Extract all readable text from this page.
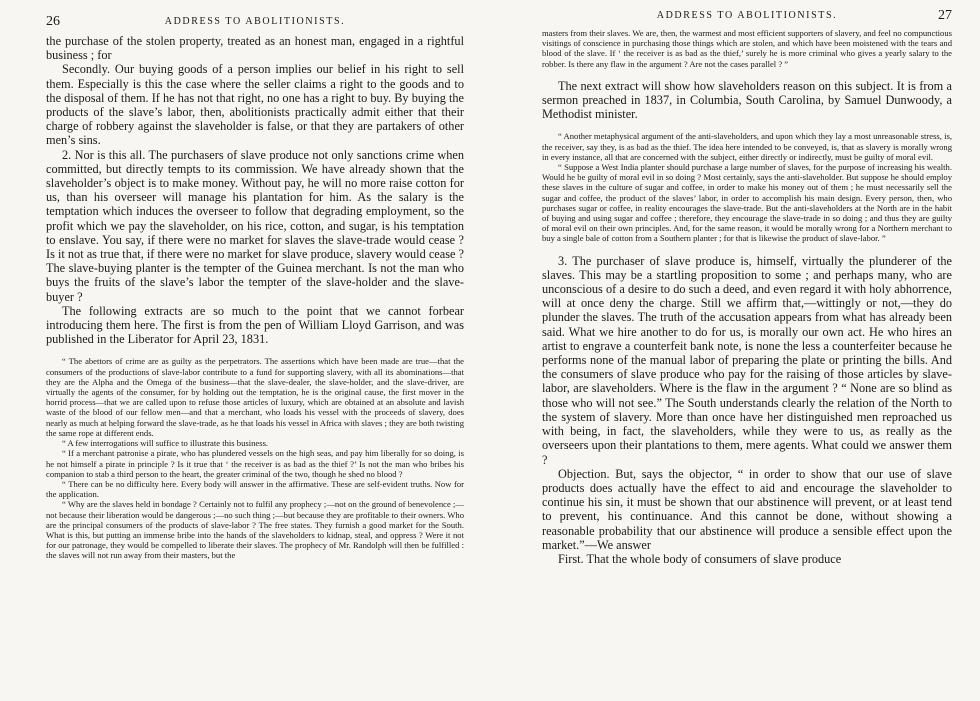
26	ADDRESS TO ABOLITIONISTS.

the purchase of the stolen property, treated as an honest man, engaged in a rightful business ; for

Secondly. Our buying goods of a person implies our belief in his right to sell them. Especially is this the case where the seller claims a right to the goods and to the disposal of them. If he has not that right, no one has a right to buy. By buying the products of the slave’s labor, then, abolitionists practically admit either that their charge of robbery against the slaveholder is false, or that they are partakers of other men’s sins.

2. Nor is this all. The purchasers of slave produce not only sanctions crime when committed, but directly tempts to its commission. We have already shown that the slaveholder’s object is to make money. Without pay, he will no more raise cotton for us, than his overseer will manage his plantation for him. As the salary is the temptation which induces the overseer to follow that degrading employment, so the profit which we pay the slaveholder, on his rice, cotton, and sugar, is his temptation to enslave. You say, if there were no market for slaves the slave-trade would cease ? Is it not as true that, if there were no market for slave produce, slavery would cease ? The slave-buying planter is the tempter of the Guinea merchant. Is not the man who buys the fruits of the slave’s labor the tempter of the slave-holder and the slave-buyer ?

The following extracts are so much to the point that we cannot forbear introducing them here. The first is from the pen of William Lloyd Garrison, and was published in the Liberator for April 23, 1831.

“ The abettors of crime are as guilty as the perpetrators. The assertions which have been made are true—that the consumers of the productions of slave-labor contribute to a fund for supporting slavery, with all its abominations—that they are the Alpha and the Omega of the business—that the slave-dealer, the slave-holder, and the slave-driver, are virtually the agents of the consumer, for by holding out the temptation, he is the original cause, the first mover in the horrid process—that we are called upon to refuse those articles of luxury, which are obtained at an absolute and lavish waste of the blood of our fellow men—and that a merchant, who loads his vessel with the proceeds of slavery, does nearly as much at helping forward the slave-trade, as he that loads his vessel in Africa with slaves ; they are both twisting the same rope at different ends.

“ A few interrogations will suffice to illustrate this business.

“ If a merchant patronise a pirate, who has plundered vessels on the high seas, and pay him liberally for so doing, is he not himself a pirate in principle ? Is it true that ‘ the receiver is as bad as the thief ?’ Is not the man who bribes his companion to stab a third person to the heart, the greater criminal of the two, though he shed no blood ?

“ There can be no difficulty here. Every body will answer in the affirmative. These are self-evident truths. Now for the application.

“ Why are the slaves held in bondage ? Certainly not to fulfil any prophecy ;—not on the ground of benevolence ;—not because their liberation would be dangerous ;—no such thing ;—but because they are profitable to their owners. Who are the principal consumers of the products of slave-labor ? The free states. They furnish a good market for the South. What is this, but putting an immense bribe into the hands of the slaveholders to kidnap, steal, and oppress ? Were it not for our patronage, they would be compelled to liberate their slaves. The prophecy of Mr. Randolph will then be fulfilled : the slaves will not run away from their masters, but the

ADDRESS TO ABOLITIONISTS.	27

masters from their slaves. We are, then, the warmest and most efficient supporters of slavery, and feel no compunctious visitings of conscience in purchasing those things which are stolen, and which have been moistened with the tears and blood of the slave. If ‘ the receiver is as bad as the thief,’ surely he is more criminal who gives a yearly salary to the robber. Is there any flaw in the argument ? Are not the cases parallel ? ”

The next extract will show how slaveholders reason on this subject. It is from a sermon preached in 1837, in Columbia, South Carolina, by Samuel Dunwoody, a Methodist minister.

“ Another metaphysical argument of the anti-slaveholders, and upon which they lay a most unreasonable stress, is, the receiver, say they, is as bad as the thief. The idea here intended to be conveyed, is, that as slavery is morally wrong in every instance, all that are concerned with the subject, either directly or indirectly, must be guilty of moral evil.

“ Suppose a West India planter should purchase a large number of slaves, for the purpose of increasing his wealth. Would he be guilty of moral evil in so doing ? Most certainly, says the anti-slaveholder. But suppose he should employ these slaves in the culture of sugar and coffee, in order to make his money out of them ; he must necessarily sell the sugar and coffee, the product of the slaves’ labor, in order to accomplish his main design. Every person, then, who purchases sugar or coffee, in reality encourages the slave-trade. But the anti-slaveholders at the North are in the habit of buying and using sugar and coffee ; therefore, they encourage the slave-trade in so doing ; and thus they are guilty of moral evil on their own principles. And, for the same reason, it would be morally wrong for a Northern merchant to buy a single bale of cotton from a Southern planter ; for that is likewise the product of slave-labor. ”

3. The purchaser of slave produce is, himself, virtually the plunderer of the slaves. This may be a startling proposition to some ; and perhaps many, who are unconscious of a desire to do such a deed, and even regard it with holy abhorrence, will at once deny the charge. Still we affirm that,—wittingly or not,—they do plunder the slaves. The truth of the accusation appears from what has already been said. What we hire another to do for us, is morally our own act. He who hires an artist to engrave a counterfeit bank note, is none the less a counterfeiter because he performs none of the manual labor of preparing the plate or printing the bills. And the consumers of slave produce who pay for the raising of those articles by slave-labor, are slaveholders. Where is the flaw in the argument ? “ None are so blind as those who will not see.” The South understands clearly the relation of the North to the system of slavery. More than once have her distinguished men reproached us with being, in fact, the slaveholders, while they were to us, as really as the overseers upon their plantations to them, mere agents. What could we answer them ?

Objection. But, says the objector, “ in order to show that our use of slave products does actually have the effect to aid and encourage the slaveholder to continue his sin, it must be shown that our abstinence will prevent, or at least tend to prevent, his continuance. And this cannot be done, without showing a reasonable probability that our abstinence will produce a sensible effect upon the market.”—We answer

First. That the whole body of consumers of slave produce
